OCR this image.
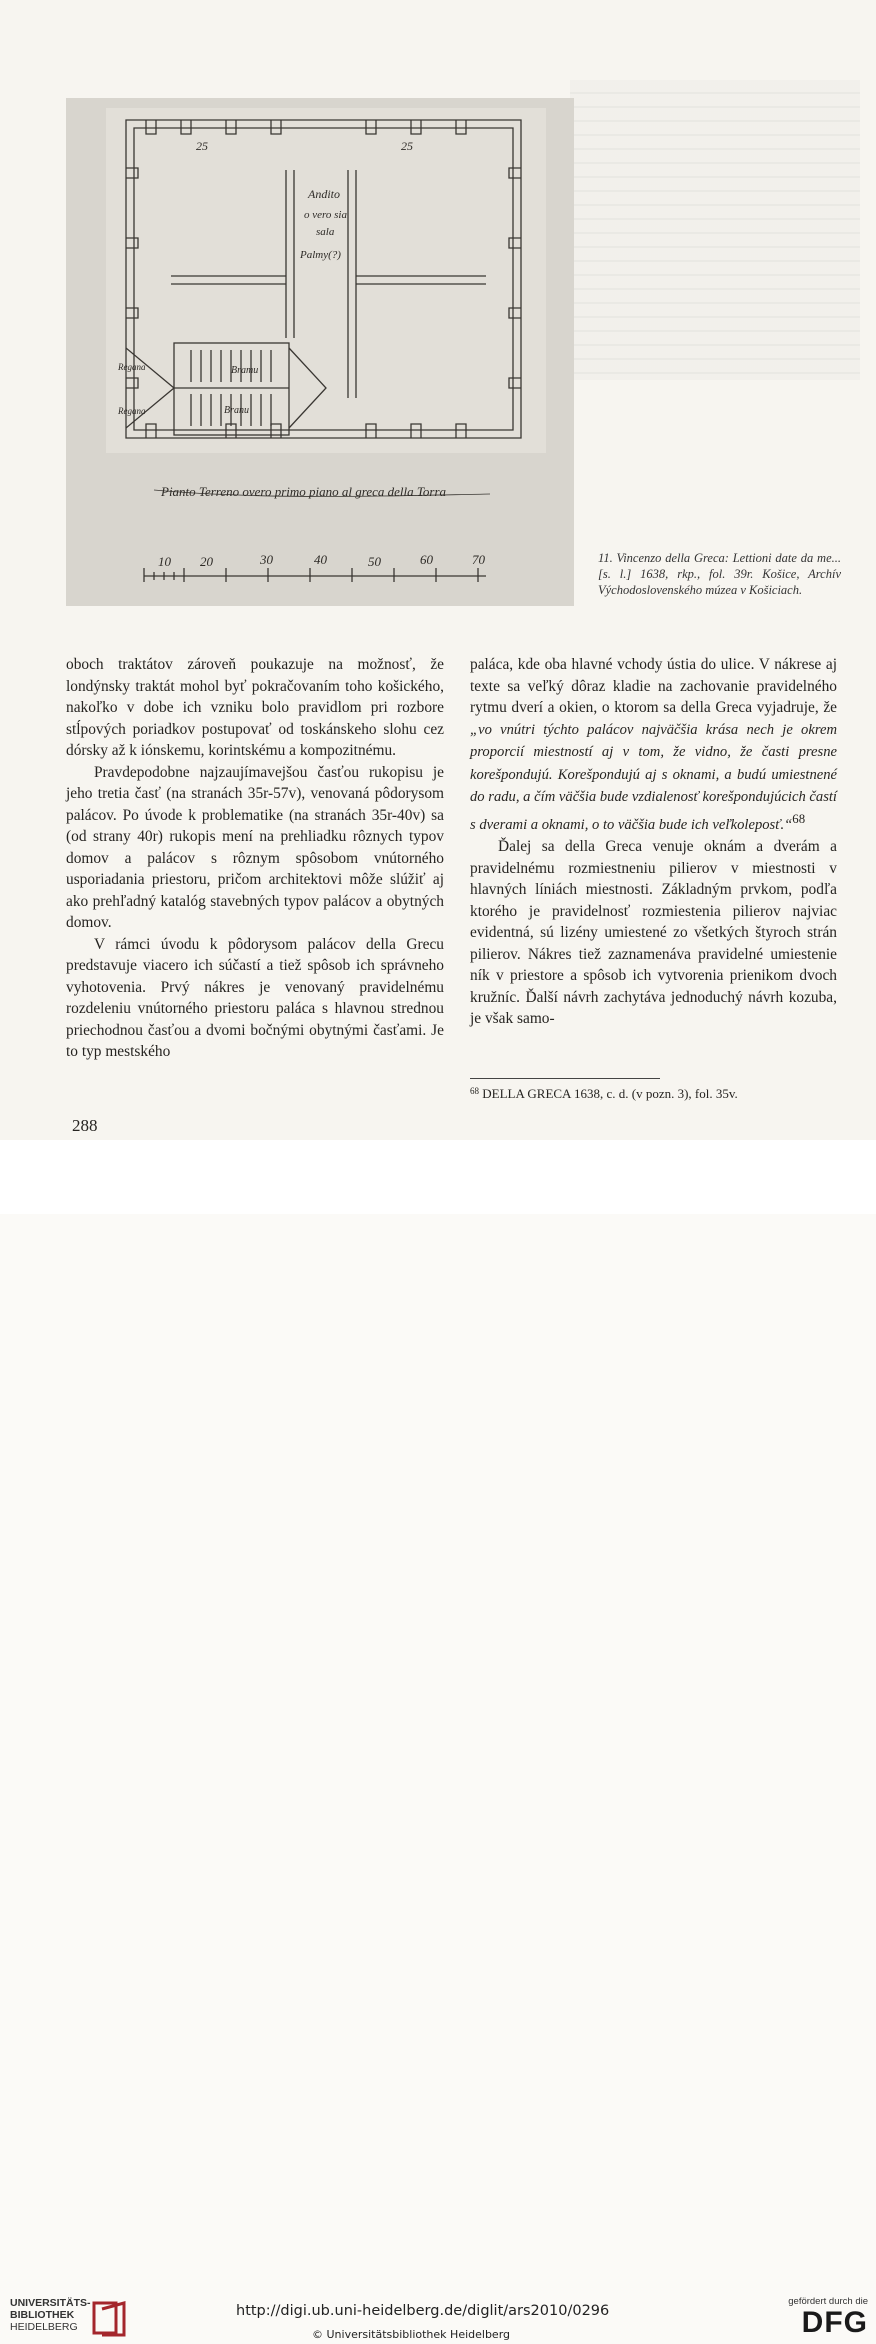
25	25
Andito
o vero sia
sala
Palmy(?)
Bramu
Branu
Regana
Regana
Pianto Terreno overo primo piano al greca della Torra
10 20	30	40	50	60	70	11. Vincenzo della Greca: Lettioni date da me... [s. l.] 1638, rkp., fol. 39r. Košice, Archív Východoslovenského múzea v Košiciach.

oboch traktátov zároveň poukazuje na možnosť, že londýnsky traktát mohol byť pokračovaním toho košického, nakoľko v dobe ich vzniku bolo pravidlom pri rozbore stĺpových poriadkov postupovať od toskánskeho slohu cez dórsky až k iónskemu, korintskému a kompozitnému.

Pravdepodobne najzaujímavejšou časťou rukopisu je jeho tretia časť (na stranách 35r-57v), venovaná pôdorysom palácov. Po úvode k problematike (na stranách 35r-40v) sa (od strany 40r) rukopis mení na prehliadku rôznych typov domov a palácov s rôznym spôsobom vnútorného usporiadania priestoru, pričom architektovi môže slúžiť aj ako prehľadný katalóg stavebných typov palácov a obytných domov.

V rámci úvodu k pôdorysom palácov della Grecu predstavuje viacero ich súčastí a tiež spôsob ich správneho vyhotovenia. Prvý nákres je venovaný pravidelnému rozdeleniu vnútorného priestoru paláca s hlavnou strednou priechodnou časťou a dvomi bočnými obytnými časťami. Je to typ mestského

paláca, kde oba hlavné vchody ústia do ulice. V nákrese aj texte sa veľký dôraz kladie na zachovanie pravidelného rytmu dverí a okien, o ktorom sa della Greca vyjadruje, že „vo vnútri týchto palácov najväčšia krása nech je okrem proporcií miestností aj v tom, že vidno, že časti presne korešpondujú. Korešpondujú aj s oknami, a budú umiestnené do radu, a čím väčšia bude vzdialenosť korešpondujúcich častí s dverami a oknami, o to väčšia bude ich veľkoleposť.“$^{68}$

Ďalej sa della Greca venuje oknám a dverám a pravidelnému rozmiestneniu pilierov v miestnosti v hlavných líniách miestnosti. Základným prvkom, podľa ktorého je pravidelnosť rozmiestenia pilierov najviac evidentná, sú lizény umiestené zo všetkých štyroch strán pilierov. Nákres tiež zaznamenáva pravidelné umiestenie ník v priestore a spôsob ich vytvorenia prienikom dvoch kružníc. Ďalší návrh zachytáva jednoduchý návrh kozuba, je však samo-

$^{68}$ DELLA GRECA 1638, c. d. (v pozn. 3), fol. 35v.
288
UNIVERSITÄTS-
BIBLIOTHEK
HEIDELBERG
http://digi.ub.uni-heidelberg.de/diglit/ars2010/0296
© Universitätsbibliothek Heidelberg
gefördert durch die
DFG
